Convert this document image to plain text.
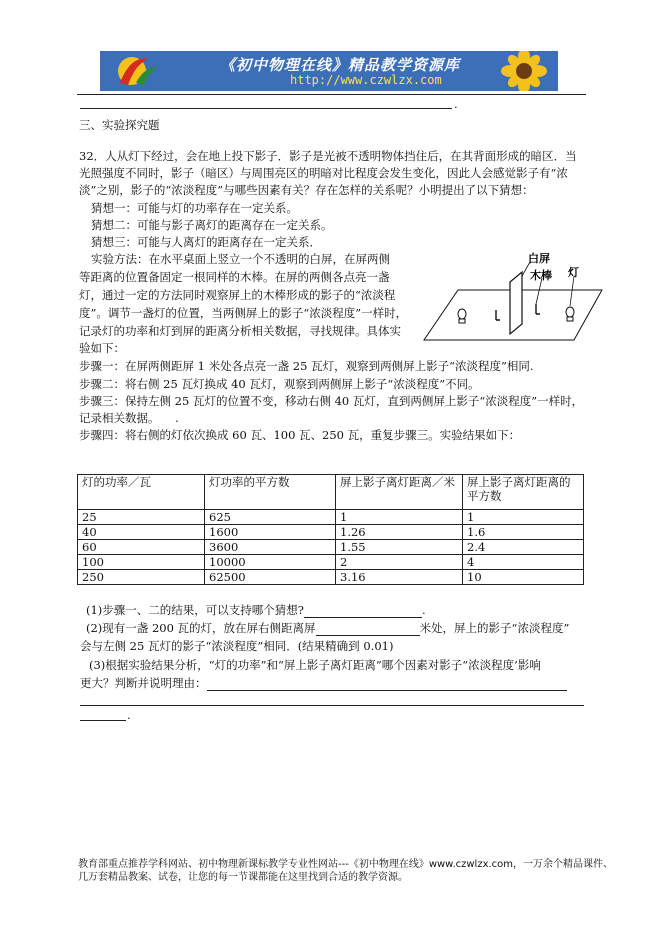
《初中物理在线》精品教学资源库
http://www.czwlzx.com
.
三、实验探究题
32．人从灯下经过，会在地上投下影子．影子是光被不透明物体挡住后，在其背面形成的暗区．当
光照强度不同时，影子（暗区）与周围亮区的明暗对比程度会发生变化，因此人会感觉影子有“浓
淡”之别，影子的“浓淡程度”与哪些因素有关？存在怎样的关系呢？小明提出了以下猜想：
猜想一：可能与灯的功率存在一定关系。
猜想二：可能与影子离灯的距离存在一定关系。
猜想三：可能与人离灯的距离存在一定关系．
实验方法：在水平桌面上竖立一个不透明的白屏，在屏两侧
等距离的位置备固定一根同样的木棒。在屏的两侧各点亮一盏
灯，通过一定的方法同时观察屏上的木棒形成的影子的“浓淡程
度”。调节一盏灯的位置，当两侧屏上的影子“浓淡程度”一样时，
记录灯的功率和灯到屏的距离分析相关数据，寻找规律。具体实
验如下：
白屏
木棒 灯
步骤一：在屏两侧距屏 1 米处各点亮一盏 25 瓦灯，观察到两侧屏上影子“浓淡程度”相同.
步骤二：将右侧 25 瓦灯换成 40 瓦灯，观察到两侧屏上影子“浓淡程度”不同。
步骤三：保持左侧 25 瓦灯的位置不变，移动右侧 40 瓦灯，直到两侧屏上影子“浓淡程度”一样时，
记录相关数据。 .
步骤四：将右侧的灯依次换成 60 瓦、100 瓦、250 瓦，重复步骤三。实验结果如下：
灯的功率／瓦	灯功率的平方数	屏上影子离灯距离／米	屏上影子离灯距离的平方数
25	625	1	1
40	1600	1.26	1.6
60	3600	1.55	2.4
100	10000	2	4
250	62500	3.16	10
(1)步骤一、二的结果，可以支持哪个猜想?	.
(2)现有一盏 200 瓦的灯，放在屏右侧距离屏	米处，屏上的影子“浓淡程度”
会与左侧 25 瓦灯的影子“浓淡程度”相同．(结果精确到 0.01)
(3)根据实验结果分析，“灯的功率”和“屏上影子离灯距离”哪个因素对影子“浓淡程度’影响
更大？判断并说明理由：
.
教育部重点推荐学科网站、初中物理新课标教学专业性网站---《初中物理在线》www.czwlzx.com，一万余个精品课件、
几万套精品教案、试卷，让您的每一节课都能在这里找到合适的教学资源。
